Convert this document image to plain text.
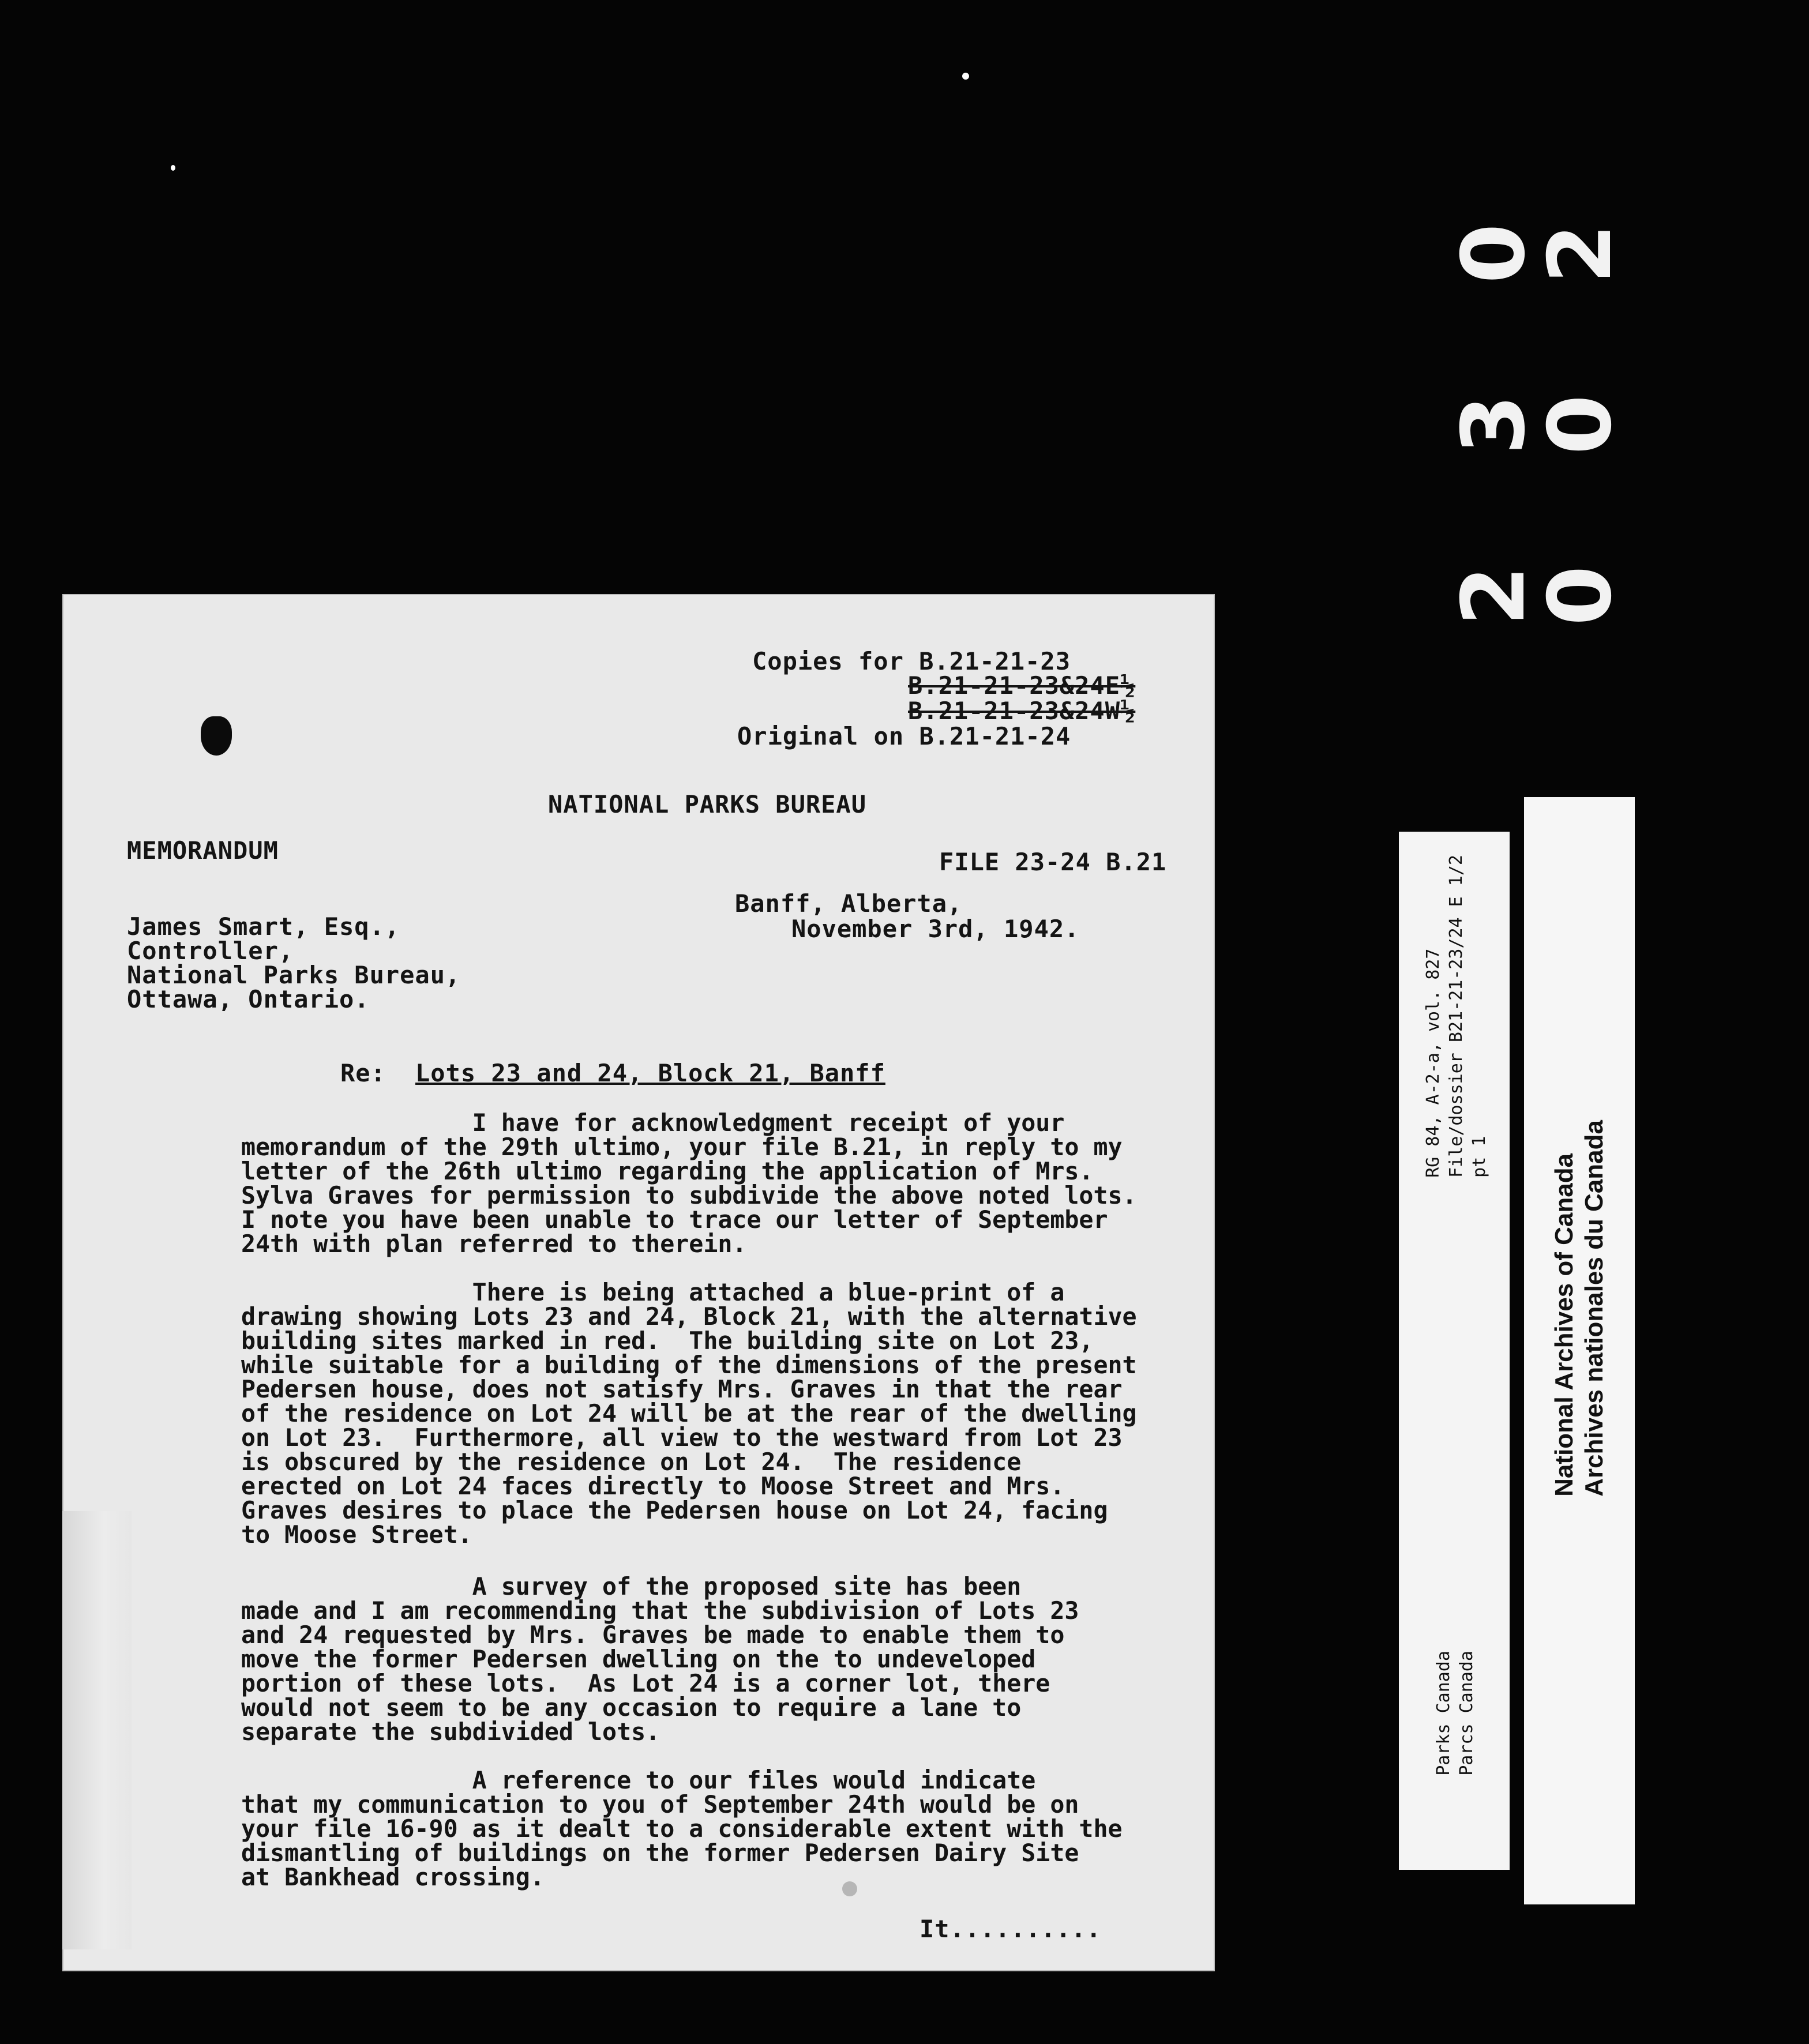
2 3 0 0 0 2
Copies for B.21-21-23
B.21-21-23&24E½
B.21-21-23&24W½
Original on B.21-21-24
NATIONAL PARKS BUREAU
MEMORANDUM	FILE 23-24 B.21
Banff, Alberta,
November 3rd, 1942.
James Smart, Esq.,
Controller,
National Parks Bureau,
Ottawa, Ontario.
Re: Lots 23 and 24, Block 21, Banff
I have for acknowledgment receipt of your
memorandum of the 29th ultimo, your file B.21, in reply to my
letter of the 26th ultimo regarding the application of Mrs.
Sylva Graves for permission to subdivide the above noted lots.
I note you have been unable to trace our letter of September
24th with plan referred to therein.
There is being attached a blue-print of a
drawing showing Lots 23 and 24, Block 21, with the alternative
building sites marked in red.  The building site on Lot 23,
while suitable for a building of the dimensions of the present
Pedersen house, does not satisfy Mrs. Graves in that the rear
of the residence on Lot 24 will be at the rear of the dwelling
on Lot 23.  Furthermore, all view to the westward from Lot 23
is obscured by the residence on Lot 24.  The residence
erected on Lot 24 faces directly to Moose Street and Mrs.
Graves desires to place the Pedersen house on Lot 24, facing
to Moose Street.
A survey of the proposed site has been
made and I am recommending that the subdivision of Lots 23
and 24 requested by Mrs. Graves be made to enable them to
move the former Pedersen dwelling on the to undeveloped
portion of these lots.  As Lot 24 is a corner lot, there
would not seem to be any occasion to require a lane to
separate the subdivided lots.
A reference to our files would indicate
that my communication to you of September 24th would be on
your file 16-90 as it dealt to a considerable extent with the
dismantling of buildings on the former Pedersen Dairy Site
at Bankhead crossing.
It..........
Parks Canada
Parcs Canada
RG 84, A-2-a, vol. 827
File/dossier B21-21-23/24 E 1/2
pt 1
National Archives of Canada
Archives nationales du Canada
